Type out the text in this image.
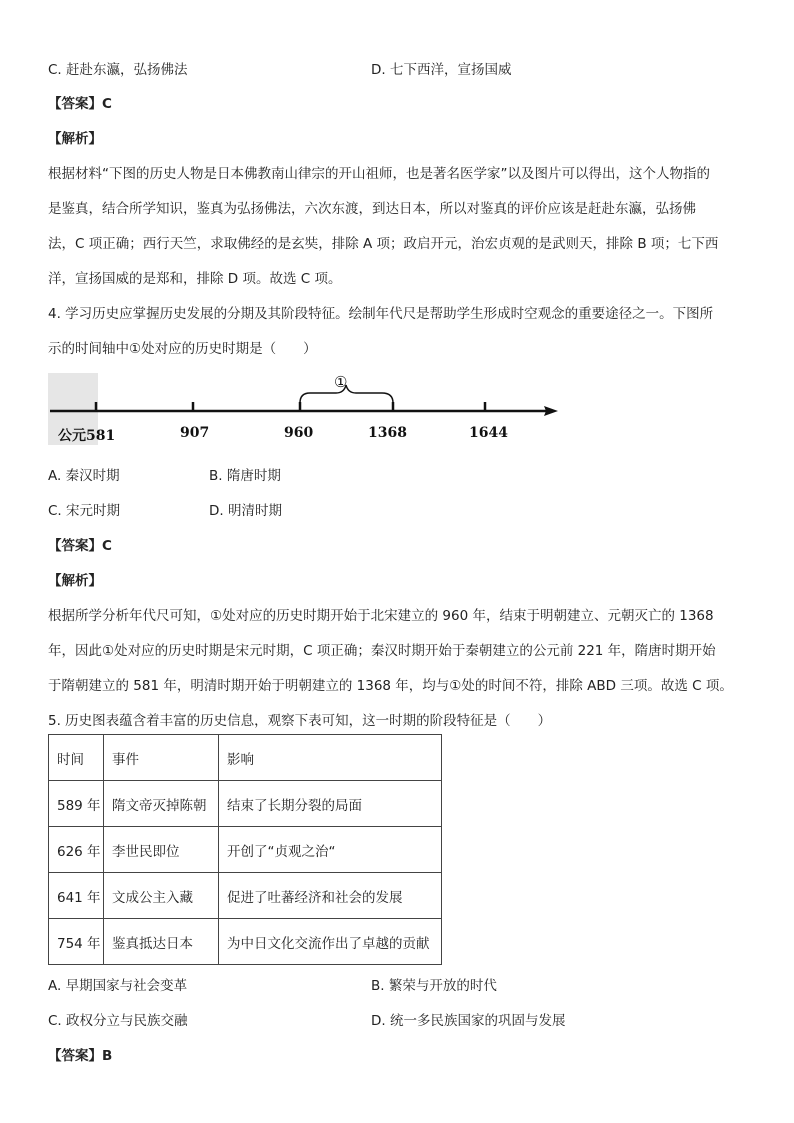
C. 赶赴东瀛，弘扬佛法	D. 七下西洋，宣扬国威
【答案】C
【解析】
根据材料“下图的历史人物是日本佛教南山律宗的开山祖师，也是著名医学家”以及图片可以得出，这个人物指的
是鉴真，结合所学知识，鉴真为弘扬佛法，六次东渡，到达日本，所以对鉴真的评价应该是赶赴东瀛，弘扬佛
法，C 项正确；西行天竺，求取佛经的是玄奘，排除 A 项；政启开元，治宏贞观的是武则天，排除 B 项；七下西
洋，宣扬国威的是郑和，排除 D 项。故选 C 项。
4. 学习历史应掌握历史发展的分期及其阶段特征。绘制年代尺是帮助学生形成时空观念的重要途径之一。下图所
示的时间轴中①处对应的历史时期是（　　）
①
公元581	907	960	1368	1644
A. 秦汉时期	B. 隋唐时期
C. 宋元时期	D. 明清时期
【答案】C
【解析】
根据所学分析年代尺可知，①处对应的历史时期开始于北宋建立的 960 年，结束于明朝建立、元朝灭亡的 1368
年，因此①处对应的历史时期是宋元时期，C 项正确；秦汉时期开始于秦朝建立的公元前 221 年，隋唐时期开始
于隋朝建立的 581 年，明清时期开始于明朝建立的 1368 年，均与①处的时间不符，排除 ABD 三项。故选 C 项。
5. 历史图表蕴含着丰富的历史信息，观察下表可知，这一时期的阶段特征是（　　）
时间	事件	影响
589 年	隋文帝灭掉陈朝	结束了长期分裂的局面
626 年	李世民即位	开创了“贞观之治“
641 年	文成公主入藏	促进了吐蕃经济和社会的发展
754 年	鉴真抵达日本	为中日文化交流作出了卓越的贡献
A. 早期国家与社会变革	B. 繁荣与开放的时代
C. 政权分立与民族交融	D. 统一多民族国家的巩固与发展
【答案】B
